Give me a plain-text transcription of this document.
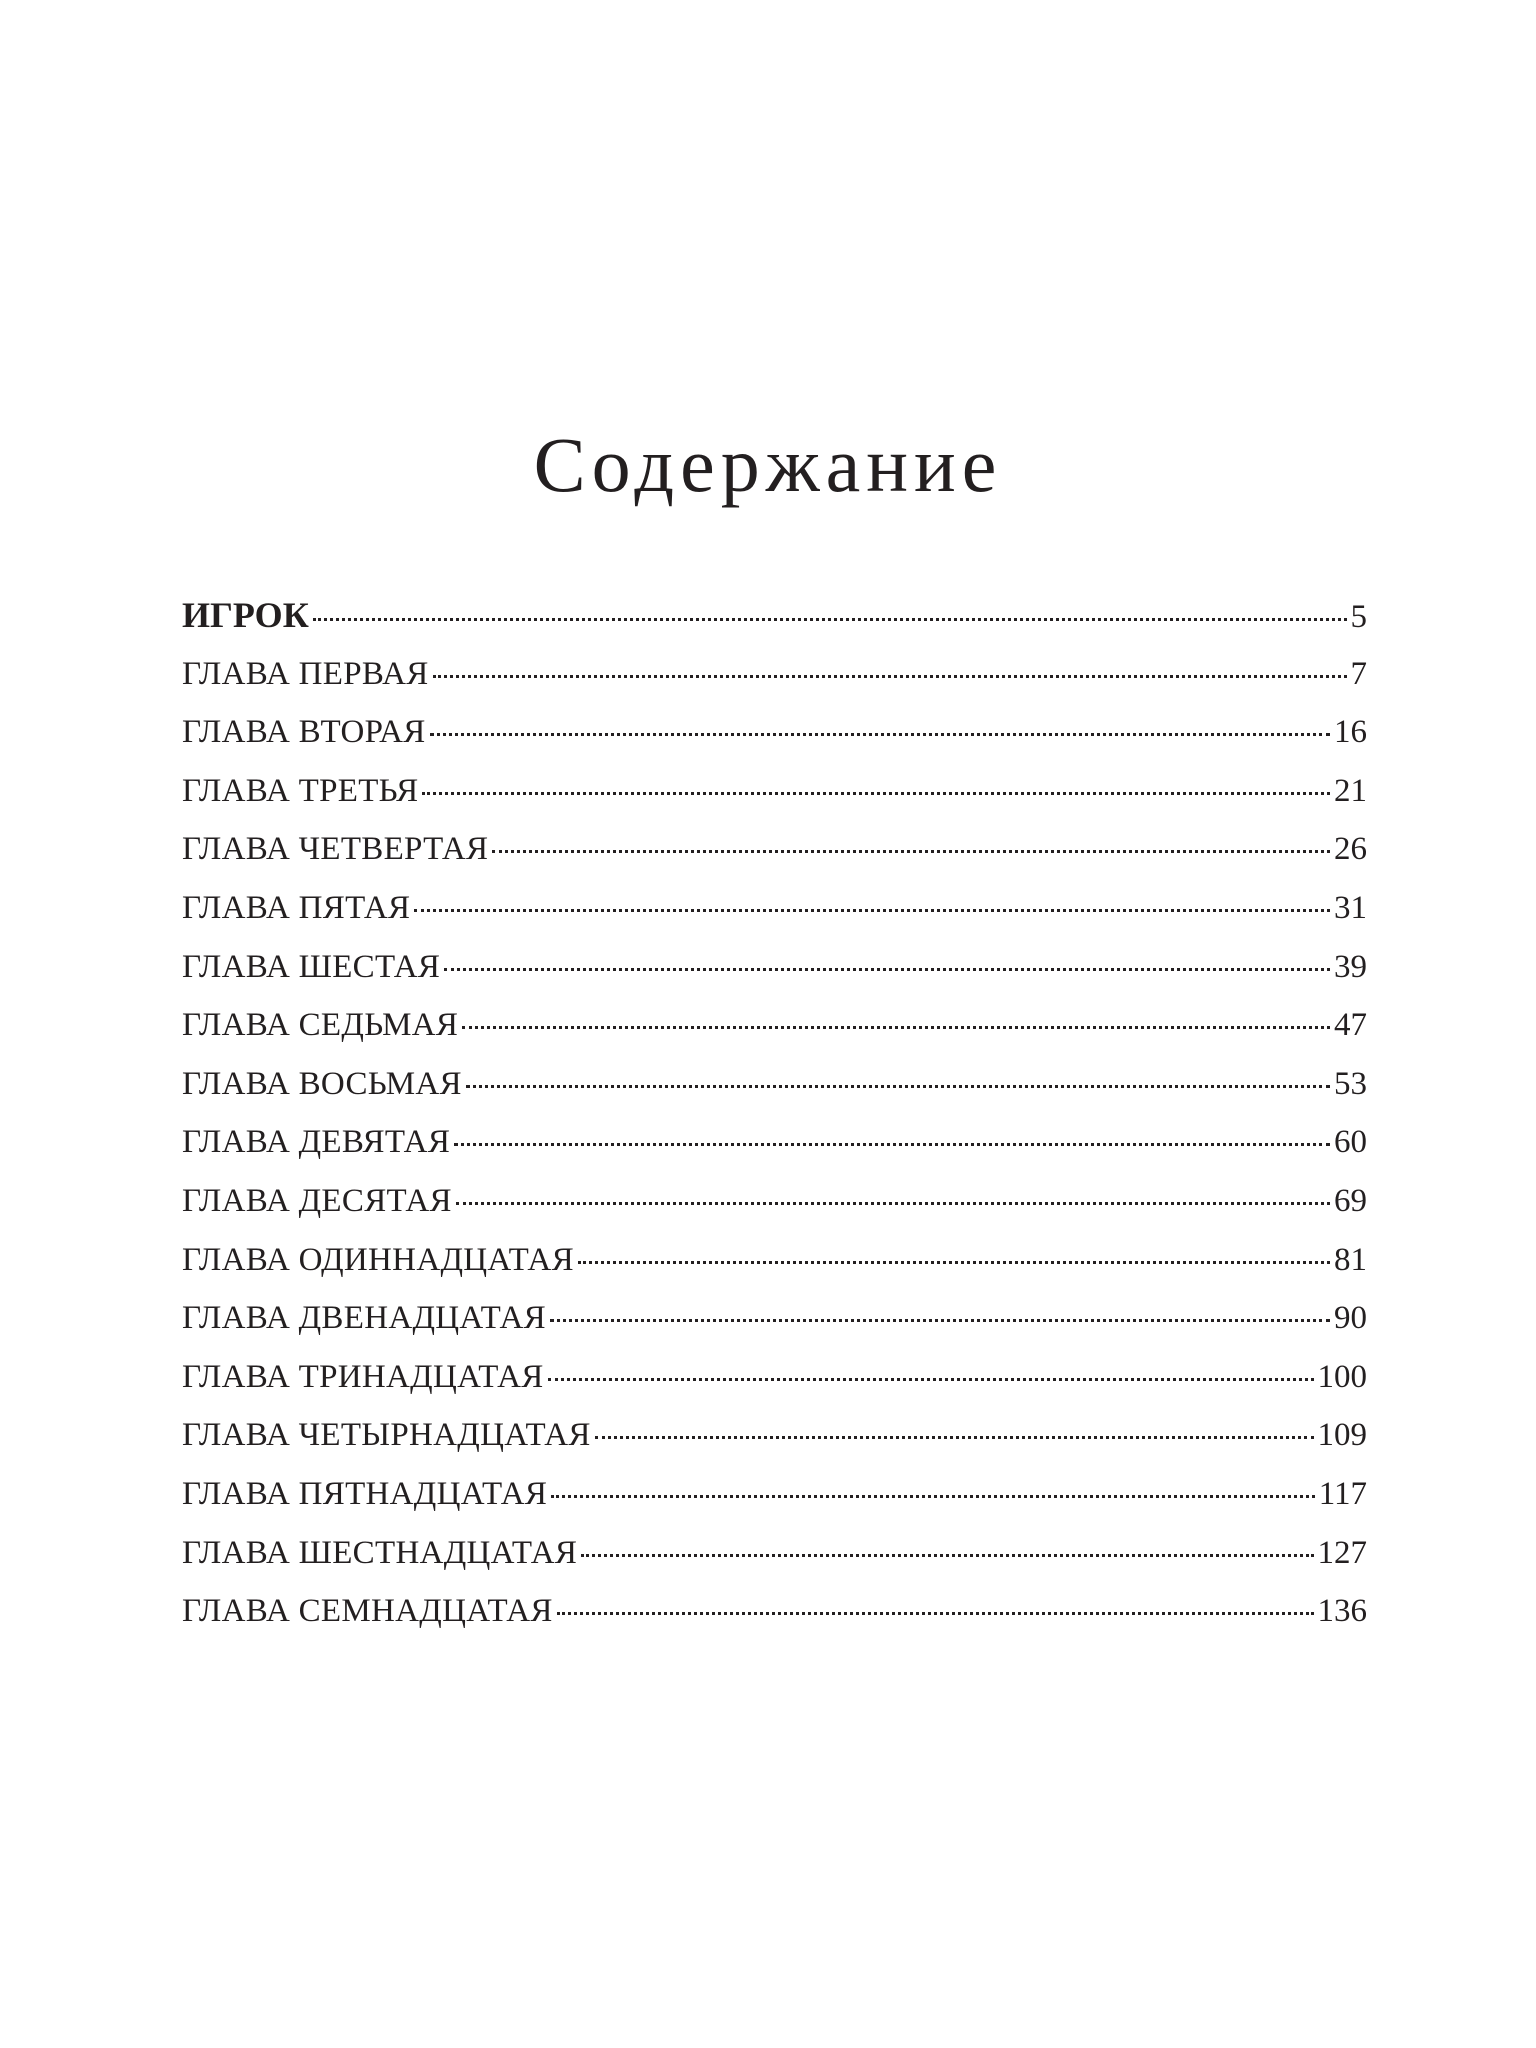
Содержание
ИГРОК	5
ГЛАВА ПЕРВАЯ	7
ГЛАВА ВТОРАЯ	16
ГЛАВА ТРЕТЬЯ	21
ГЛАВА ЧЕТВЕРТАЯ	26
ГЛАВА ПЯТАЯ	31
ГЛАВА ШЕСТАЯ	39
ГЛАВА СЕДЬМАЯ	47
ГЛАВА ВОСЬМАЯ	53
ГЛАВА ДЕВЯТАЯ	60
ГЛАВА ДЕСЯТАЯ	69
ГЛАВА ОДИННАДЦАТАЯ	81
ГЛАВА ДВЕНАДЦАТАЯ	90
ГЛАВА ТРИНАДЦАТАЯ	100
ГЛАВА ЧЕТЫРНАДЦАТАЯ	109
ГЛАВА ПЯТНАДЦАТАЯ	117
ГЛАВА ШЕСТНАДЦАТАЯ	127
ГЛАВА СЕМНАДЦАТАЯ	136
